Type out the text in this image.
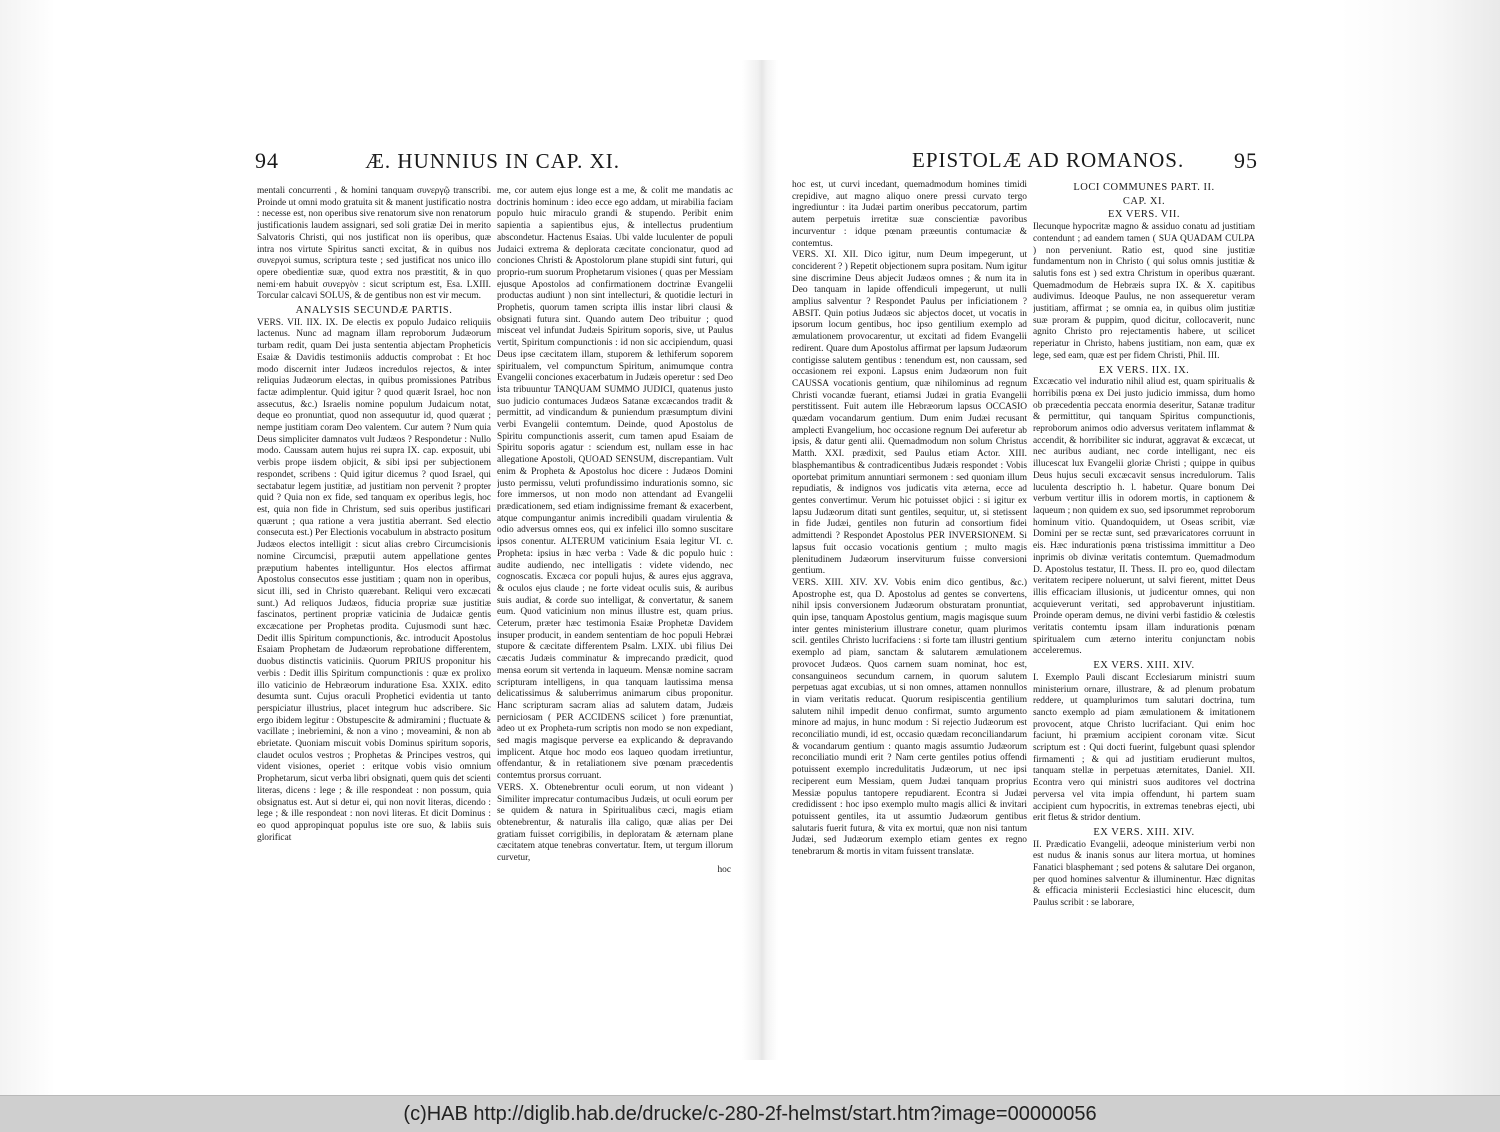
94	Æ. HUNNIUS IN CAP. XI.	EPISTOLÆ AD ROMANOS. 95

mentali concurrenti , & homini tanquam συνεργῷ transcribi. Proinde ut omni modo gratuita sit & manent justificatio nostra : necesse est, non operibus sive renatorum sive non renatorum justificationis laudem assignari, sed soli gratiæ Dei in merito Salvatoris Christi, qui nos justificat non iis operibus, quæ intra nos virtute Spiritus sancti excitat, & in quibus nos συνεργοὶ sumus, scriptura teste ; sed justificat nos unico illo opere obedientiæ suæ, quod extra nos præstitit, & in quo nemi·em habuit συνεργὸν : sicut scriptum est, Esa. LXIII. Torcular calcavi SOLUS, & de gentibus non est vir mecum.

ANALYSIS SECUNDÆ PARTIS.

VERS. VII. IIX. IX. De electis ex populo Judaico reliquiis lactenus. Nunc ad magnam illam reproborum Judæorum turbam redit, quam Dei justa sententia abjectam Propheticis Esaiæ & Davidis testimoniis adductis comprobat : Et hoc modo discernit inter Judæos incredulos rejectos, & inter reliquias Judæorum electas, in quibus promissiones Patribus factæ adimplentur. Quid igitur ? quod quærit Israel, hoc non assecutus, &c.) Israelis nomine populum Judaicum notat, deque eo pronuntiat, quod non assequutur id, quod quærat ; nempe justitiam coram Deo valentem. Cur autem ? Num quia Deus simpliciter damnatos vult Judæos ? Respondetur : Nullo modo. Caussam autem hujus rei supra IX. cap. exposuit, ubi verbis prope iisdem objicit, & sibi ipsi per subjectionem respondet, scribens : Quid igitur dicemus ? quod Israel, qui sectabatur legem justitiæ, ad justitiam non pervenit ? propter quid ? Quia non ex fide, sed tanquam ex operibus legis, hoc est, quia non fide in Christum, sed suis operibus justificari quærunt ; qua ratione a vera justitia aberrant. Sed electio consecuta est.) Per Electionis vocabulum in abstracto positum Judæos electos intelligit : sicut alias crebro Circumcisionis nomine Circumcisi, præputii autem appellatione gentes præputium habentes intelliguntur. Hos electos affirmat Apostolus consecutos esse justitiam ; quam non in operibus, sicut illi, sed in Christo quærebant. Reliqui vero excæcati sunt.) Ad reliquos Judæos, fiducia propriæ suæ justitiæ fascinatos, pertinent propriæ vaticinia de Judaicæ gentis excæcatione per Prophetas prodita. Cujusmodi sunt hæc. Dedit illis Spiritum compunctionis, &c. introducit Apostolus Esaiam Prophetam de Judæorum reprobatione differentem, duobus distinctis vaticiniis. Quorum PRIUS proponitur his verbis : Dedit illis Spiritum compunctionis : quæ ex prolixo illo vaticinio de Hebræorum induratione Esa. XXIX. edito desumta sunt. Cujus oraculi Prophetici evidentia ut tanto perspiciatur illustrius, placet integrum huc adscribere. Sic ergo ibidem legitur : Obstupescite & admiramini ; fluctuate & vacillate ; inebriemini, & non a vino ; moveamini, & non ab ebrietate. Quoniam miscuit vobis Dominus spiritum soporis, claudet oculos vestros ; Prophetas & Principes vestros, qui vident visiones, operiet : eritque vobis visio omnium Prophetarum, sicut verba libri obsignati, quem quis det scienti literas, dicens : lege ; & ille respondeat : non possum, quia obsignatus est. Aut si detur ei, qui non novit literas, dicendo : lege ; & ille respondeat : non novi literas. Et dicit Dominus : eo quod appropinquat populus iste ore suo, & labiis suis glorificat

me, cor autem ejus longe est a me, & colit me mandatis ac doctrinis hominum : ideo ecce ego addam, ut mirabilia faciam populo huic miraculo grandi & stupendo. Peribit enim sapientia a sapientibus ejus, & intellectus prudentium abscondetur. Hactenus Esaias. Ubi valde luculenter de populi Judaici extrema & deplorata cæcitate concionatur, quod ad conciones Christi & Apostolorum plane stupidi sint futuri, qui proprio-rum suorum Prophetarum visiones ( quas per Messiam ejusque Apostolos ad confirmationem doctrinæ Evangelii productas audiunt ) non sint intellecturi, & quotidie lecturi in Prophetis, quorum tamen scripta illis instar libri clausi & obsignati futura sint. Quando autem Deo tribuitur ; quod misceat vel infundat Judæis Spiritum soporis, sive, ut Paulus vertit, Spiritum compunctionis : id non sic accipiendum, quasi Deus ipse cæcitatem illam, stuporem & lethiferum soporem spiritualem, vel compunctum Spiritum, animumque contra Evangelii conciones exacerbatum in Judæis operetur : sed Deo ista tribuuntur TANQUAM SUMMO JUDICI, quatenus justo suo judicio contumaces Judæos Satanæ excæcandos tradit & permittit, ad vindicandum & puniendum præsumptum divini verbi Evangelii contemtum. Deinde, quod Apostolus de Spiritu compunctionis asserit, cum tamen apud Esaiam de Spiritu soporis agatur : sciendum est, nullam esse in hac allegatione Apostoli, QUOAD SENSUM, discrepantiam. Vult enim & Propheta & Apostolus hoc dicere : Judæos Domini justo permissu, veluti profundissimo indurationis somno, sic fore immersos, ut non modo non attendant ad Evangelii prædicationem, sed etiam indignissime fremant & exacerbent, atque compungantur animis incredibili quadam virulentia & odio adversus omnes eos, qui ex infelici illo somno suscitare ipsos conentur. ALTERUM vaticinium Esaia legitur VI. c. Propheta: ipsius in hæc verba : Vade & dic populo huic : audite audiendo, nec intelligatis : videte videndo, nec cognoscatis. Excæca cor populi hujus, & aures ejus aggrava, & oculos ejus claude ; ne forte videat oculis suis, & auribus suis audiat, & corde suo intelligat, & convertatur, & sanem eum. Quod vaticinium non minus illustre est, quam prius. Ceterum, præter hæc testimonia Esaiæ Prophetæ Davidem insuper producit, in eandem sententiam de hoc populi Hebræi stupore & cæcitate differentem Psalm. LXIX. ubi filius Dei cæcatis Judæis comminatur & imprecando prædicit, quod mensa eorum sit vertenda in laqueum. Mensæ nomine sacram scripturam intelligens, in qua tanquam lautissima mensa delicatissimus & saluberrimus animarum cibus proponitur. Hanc scripturam sacram alias ad salutem datam, Judæis perniciosam ( PER ACCIDENS scilicet ) fore prænuntiat, adeo ut ex Propheta-rum scriptis non modo se non expediant, sed magis magisque perverse ea explicando & depravando implicent. Atque hoc modo eos laqueo quodam irretiuntur, offendantur, & in retaliationem sive pœnam præcedentis contemtus prorsus corruant.

VERS. X. Obtenebrentur oculi eorum, ut non videant ) Similiter imprecatur contumacibus Judæis, ut oculi eorum per se quidem & natura in Spiritualibus cæci, magis etiam obtenebrentur, & naturalis illa caligo, quæ alias per Dei gratiam fuisset corrigibilis, in deploratam & æternam plane cæcitatem atque tenebras convertatur. Item, ut tergum illorum curvetur,

hoc

hoc est, ut curvi incedant, quemadmodum homines timidi crepidive, aut magno aliquo onere pressi curvato tergo ingrediuntur : ita Judæi partim oneribus peccatorum, partim autem perpetuis irretitæ suæ conscientiæ pavoribus incurventur : idque pœnam præeuntis contumaciæ & contemtus.

VERS. XI. XII. Dico igitur, num Deum impegerunt, ut conciderent ? ) Repetit objectionem supra positam. Num igitur sine discrimine Deus abjecit Judæos omnes ; & num ita in Deo tanquam in lapide offendiculi impegerunt, ut nulli amplius salventur ? Respondet Paulus per inficiationem ? ABSIT. Quin potius Judæos sic abjectos docet, ut vocatis in ipsorum locum gentibus, hoc ipso gentilium exemplo ad æmulationem provocarentur, ut excitati ad fidem Evangelii redirent. Quare dum Apostolus affirmat per lapsum Judæorum contigisse salutem gentibus : tenendum est, non caussam, sed occasionem rei exponi. Lapsus enim Judæorum non fuit CAUSSA vocationis gentium, quæ nihilominus ad regnum Christi vocandæ fuerant, etiamsi Judæi in gratia Evangelii perstitissent. Fuit autem ille Hebræorum lapsus OCCASIO quædam vocandarum gentium. Dum enim Judæi recusant amplecti Evangelium, hoc occasione regnum Dei auferetur ab ipsis, & datur genti alii. Quemadmodum non solum Christus Matth. XXI. prædixit, sed Paulus etiam Actor. XIII. blasphemantibus & contradicentibus Judæis respondet : Vobis oportebat primitum annuntiari sermonem : sed quoniam illum repudiatis, & indignos vos judicatis vita æterna, ecce ad gentes convertimur. Verum hic potuisset objici : si igitur ex lapsu Judæorum ditati sunt gentiles, sequitur, ut, si stetissent in fide Judæi, gentiles non futurin ad consortium fidei admittendi ? Respondet Apostolus PER INVERSIONEM. Si lapsus fuit occasio vocationis gentium ; multo magis plenitudinem Judæorum inserviturum fuisse conversioni gentium.

VERS. XIII. XIV. XV. Vobis enim dico gentibus, &c.) Apostrophe est, qua D. Apostolus ad gentes se convertens, nihil ipsis conversionem Judæorum obsturatam pronuntiat, quin ipse, tanquam Apostolus gentium, magis magisque suum inter gentes ministerium illustrare conetur, quam plurimos scil. gentiles Christo lucrifaciens : si forte tam illustri gentium exemplo ad piam, sanctam & salutarem æmulationem provocet Judæos. Quos carnem suam nominat, hoc est, consanguineos secundum carnem, in quorum salutem perpetuas agat excubias, ut si non omnes, attamen nonnullos in viam veritatis reducat. Quorum resipiscentia gentilium salutem nihil impedit denuo confirmat, sumto argumento minore ad majus, in hunc modum : Si rejectio Judæorum est reconciliatio mundi, id est, occasio quædam reconciliandarum & vocandarum gentium : quanto magis assumtio Judæorum reconciliatio mundi erit ? Nam certe gentiles potius offendi potuissent exemplo incredulitatis Judæorum, ut nec ipsi reciperent eum Messiam, quem Judæi tanquam proprius Messiæ populus tantopere repudiarent. Econtra si Judæi credidissent : hoc ipso exemplo multo magis allici & invitari potuissent gentiles, ita ut assumtio Judæorum gentibus salutaris fuerit futura, & vita ex mortui, quæ non nisi tantum Judæi, sed Judæorum exemplo etiam gentes ex regno tenebrarum & mortis in vitam fuissent translatæ.

LOCI COMMUNES PART. II.

CAP. XI.

EX VERS. VII.

Ilecunque hypocritæ magno & assiduo conatu ad justitiam contendunt ; ad eandem tamen ( SUA QUADAM CULPA ) non perveniunt. Ratio est, quod sine justitiæ fundamentum non in Christo ( qui solus omnis justitiæ & salutis fons est ) sed extra Christum in operibus quærant. Quemadmodum de Hebræis supra IX. & X. capitibus audivimus. Ideoque Paulus, ne non assequeretur veram justitiam, affirmat ; se omnia ea, in quibus olim justitiæ suæ proram & puppim, quod dicitur, collocaverit, nunc agnito Christo pro rejectamentis habere, ut scilicet reperiatur in Christo, habens justitiam, non eam, quæ ex lege, sed eam, quæ est per fidem Christi, Phil. III.

EX VERS. IIX. IX.

Excæcatio vel induratio nihil aliud est, quam spiritualis & horribilis pœna ex Dei justo judicio immissa, dum homo ob præcedentia peccata enormia deseritur, Satanæ traditur & permittitur, qui tanquam Spiritus compunctionis, reproborum animos odio adversus veritatem inflammat & accendit, & horribiliter sic indurat, aggravat & excæcat, ut nec auribus audiant, nec corde intelligant, nec eis illucescat lux Evangelii gloriæ Christi ; quippe in quibus Deus hujus seculi excæcavit sensus incredulorum. Talis luculenta descriptio h. l. habetur. Quare bonum Dei verbum vertitur illis in odorem mortis, in captionem & laqueum ; non quidem ex suo, sed ipsorummet reproborum hominum vitio. Quandoquidem, ut Oseas scribit, viæ Domini per se rectæ sunt, sed prævaricatores corruunt in eis. Hæc indurationis pœna tristissima immittitur a Deo inprimis ob divinæ veritatis contemtum. Quemadmodum D. Apostolus testatur, II. Thess. II. pro eo, quod dilectam veritatem recipere noluerunt, ut salvi fierent, mittet Deus illis efficaciam illusionis, ut judicentur omnes, qui non acquieverunt veritati, sed approbaverunt injustitiam. Proinde operam demus, ne divini verbi fastidio & cœlestis veritatis contemtu ipsam illam indurationis pœnam spiritualem cum æterno interitu conjunctam nobis acceleremus.

EX VERS. XIII. XIV.

I. Exemplo Pauli discant Ecclesiarum ministri suum ministerium ornare, illustrare, & ad plenum probatum reddere, ut quamplurimos tum salutari doctrina, tum sancto exemplo ad piam æmulationem & imitationem provocent, atque Christo lucrifaciant. Qui enim hoc faciunt, hi præmium accipient coronam vitæ. Sicut scriptum est : Qui docti fuerint, fulgebunt quasi splendor firmamenti ; & qui ad justitiam erudierunt multos, tanquam stellæ in perpetuas æternitates, Daniel. XII. Econtra vero qui ministri suos auditores vel doctrina perversa vel vita impia offendunt, hi partem suam accipient cum hypocritis, in extremas tenebras ejecti, ubi erit fletus & stridor dentium.

EX VERS. XIII. XIV.

II. Prædicatio Evangelii, adeoque ministerium verbi non est nudus & inanis sonus aur litera mortua, ut homines Fanatici blasphemant ; sed potens & salutare Dei organon, per quod homines salventur & illuminentur. Hæc dignitas & efficacia ministerii Ecclesiastici hinc elucescit, dum Paulus scribit : se laborare,

(c)HAB http://diglib.hab.de/drucke/c-280-2f-helmst/start.htm?image=00000056
